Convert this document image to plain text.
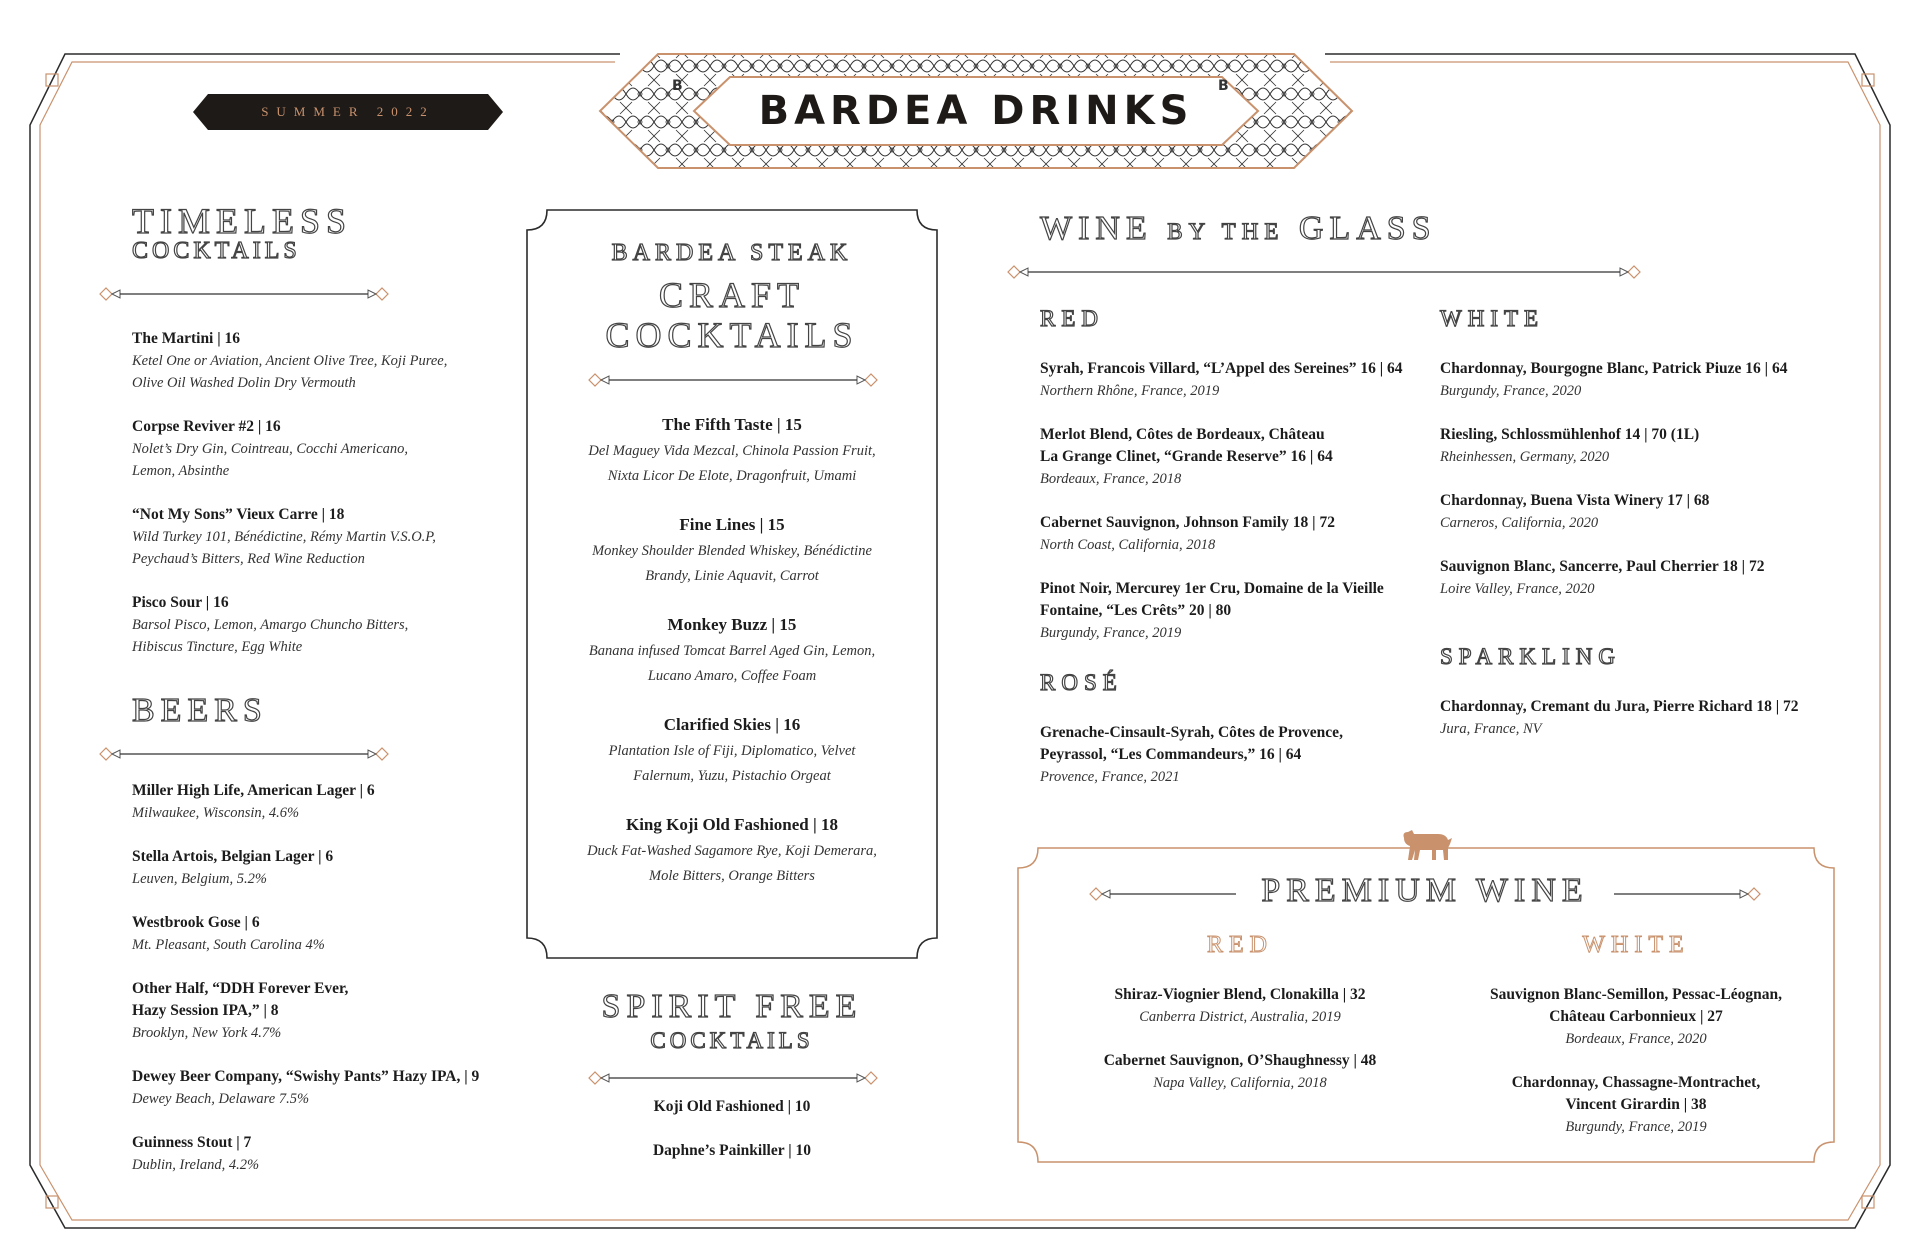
SUMMER 2022	BARDEA DRINKS
B	B
TIMELESS
COCKTAILS
The Martini | 16
Ketel One or Aviation, Ancient Olive Tree, Koji Puree,
Olive Oil Washed Dolin Dry Vermouth
Corpse Reviver #2 | 16
Nolet’s Dry Gin, Cointreau, Cocchi Americano,
Lemon, Absinthe
“Not My Sons” Vieux Carre | 18
Wild Turkey 101, Bénédictine, Rémy Martin V.S.O.P,
Peychaud’s Bitters, Red Wine Reduction
Pisco Sour | 16
Barsol Pisco, Lemon, Amargo Chuncho Bitters,
Hibiscus Tincture, Egg White
BEERS
Miller High Life, American Lager | 6
Milwaukee, Wisconsin, 4.6%
Stella Artois, Belgian Lager | 6
Leuven, Belgium, 5.2%
Westbrook Gose | 6
Mt. Pleasant, South Carolina 4%
Other Half, “DDH Forever Ever,
Hazy Session IPA,” | 8
Brooklyn, New York 4.7%
Dewey Beer Company, “Swishy Pants” Hazy IPA, | 9
Dewey Beach, Delaware 7.5%
Guinness Stout | 7
Dublin, Ireland, 4.2%
BARDEA STEAK
CRAFT
COCKTAILS
The Fifth Taste | 15
Del Maguey Vida Mezcal, Chinola Passion Fruit,
Nixta Licor De Elote, Dragonfruit, Umami
Fine Lines | 15
Monkey Shoulder Blended Whiskey, Bénédictine
Brandy, Linie Aquavit, Carrot
Monkey Buzz | 15
Banana infused Tomcat Barrel Aged Gin, Lemon,
Lucano Amaro, Coffee Foam
Clarified Skies | 16
Plantation Isle of Fiji, Diplomatico, Velvet
Falernum, Yuzu, Pistachio Orgeat
King Koji Old Fashioned | 18
Duck Fat-Washed Sagamore Rye, Koji Demerara,
Mole Bitters, Orange Bitters
SPIRIT FREE
COCKTAILS
Koji Old Fashioned | 10
Daphne’s Painkiller | 10
WINE BY THE GLASS
RED	WHITE
ROSÉ
SPARKLING
Syrah, Francois Villard, “L’Appel des Sereines” 16 | 64
Northern Rhône, France, 2019
Merlot Blend, Côtes de Bordeaux, Château
La Grange Clinet, “Grande Reserve” 16 | 64
Bordeaux, France, 2018
Cabernet Sauvignon, Johnson Family 18 | 72
North Coast, California, 2018
Pinot Noir, Mercurey 1er Cru, Domaine de la Vieille
Fontaine, “Les Crêts” 20 | 80
Burgundy, France, 2019
Grenache-Cinsault-Syrah, Côtes de Provence,
Peyrassol, “Les Commandeurs,” 16 | 64
Provence, France, 2021
Chardonnay, Bourgogne Blanc, Patrick Piuze 16 | 64
Burgundy, France, 2020
Riesling, Schlossmühlenhof 14 | 70 (1L)
Rheinhessen, Germany, 2020
Chardonnay, Buena Vista Winery 17 | 68
Carneros, California, 2020
Sauvignon Blanc, Sancerre, Paul Cherrier 18 | 72
Loire Valley, France, 2020
Chardonnay, Cremant du Jura, Pierre Richard 18 | 72
Jura, France, NV
PREMIUM WINE
RED	WHITE
Shiraz-Viognier Blend, Clonakilla | 32
Canberra District, Australia, 2019
Cabernet Sauvignon, O’Shaughnessy | 48
Napa Valley, California, 2018
Sauvignon Blanc-Semillon, Pessac-Léognan,
Château Carbonnieux | 27
Bordeaux, France, 2020
Chardonnay, Chassagne-Montrachet,
Vincent Girardin | 38
Burgundy, France, 2019
